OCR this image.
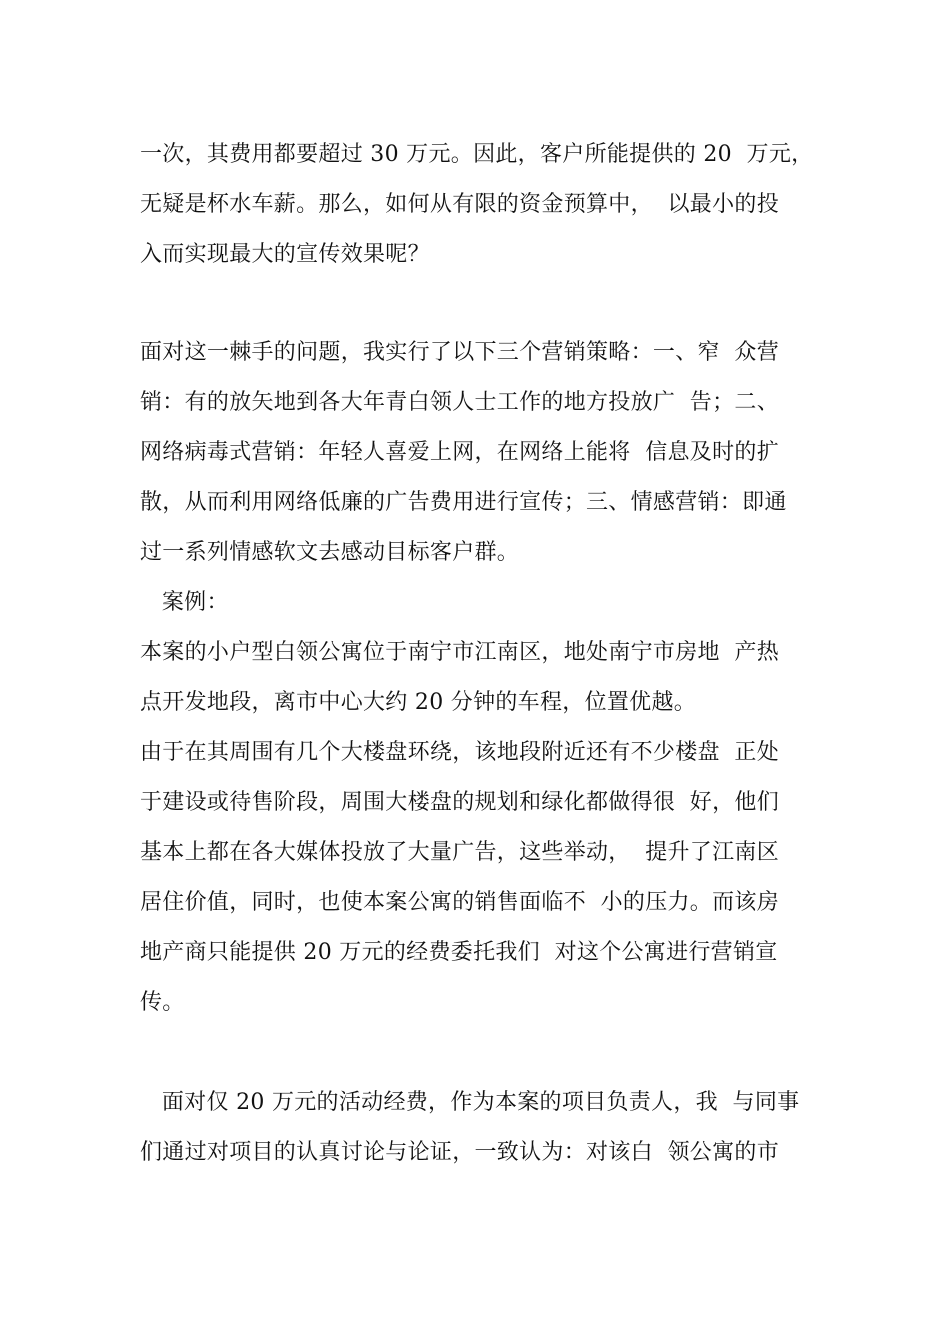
一次，其费用都要超过 30 万元。因此，客户所能提供的 20  万元，
无疑是杯水车薪。那么，如何从有限的资金预算中，  以最小的投
入而实现最大的宣传效果呢？
面对这一棘手的问题，我实行了以下三个营销策略：一、窄  众营
销：有的放矢地到各大年青白领人士工作的地方投放广  告；二、
网络病毒式营销：年轻人喜爱上网，在网络上能将  信息及时的扩
散，从而利用网络低廉的广告费用进行宣传；三、情感营销：即通
过一系列情感软文去感动目标客户群。
案例：
本案的小户型白领公寓位于南宁市江南区，地处南宁市房地  产热
点开发地段，离市中心大约 20 分钟的车程，位置优越。
由于在其周围有几个大楼盘环绕，该地段附近还有不少楼盘  正处
于建设或待售阶段，周围大楼盘的规划和绿化都做得很  好，他们
基本上都在各大媒体投放了大量广告，这些举动，  提升了江南区
居住价值，同时，也使本案公寓的销售面临不  小的压力。而该房
地产商只能提供 20 万元的经费委托我们  对这个公寓进行营销宣
传。
面对仅 20 万元的活动经费，作为本案的项目负责人，我  与同事
们通过对项目的认真讨论与论证，一致认为：对该白  领公寓的市
